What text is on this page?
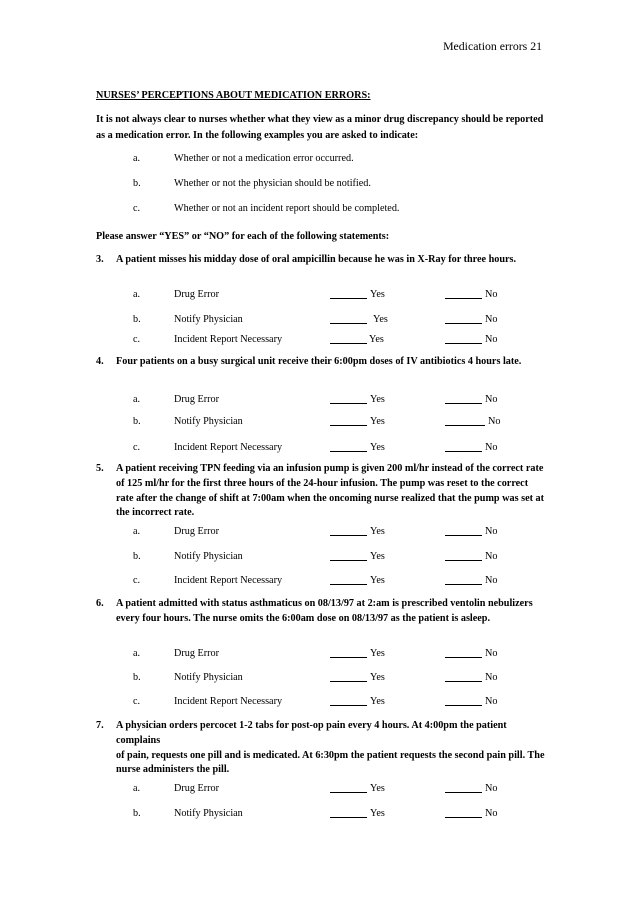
Medication errors 21
NURSES’ PERCEPTIONS ABOUT MEDICATION ERRORS:
It is not always clear to nurses whether what they view as a minor drug discrepancy should be reported as a medication error. In the following examples you are asked to indicate:
a.	Whether or not a medication error occurred.
b.	Whether or not the physician should be notified.
c.	Whether or not an incident report should be completed.
Please answer “YES” or “NO” for each of the following statements:
3.	A patient misses his midday dose of oral ampicillin because he was in X-Ray for three hours.
a.	Drug Error	Yes	No
b.	Notify Physician	Yes	No
c.	Incident Report Necessary	Yes	No
4.	Four patients on a busy surgical unit receive their 6:00pm doses of IV antibiotics 4 hours late.
a.	Drug Error	Yes	No
b.	Notify Physician	Yes	No
c.	Incident Report Necessary	Yes	No
5.	A patient receiving TPN feeding via an infusion pump is given 200 ml/hr instead of the correct rate of 125 ml/hr for the first three hours of the 24-hour infusion. The pump was reset to the correct rate after the change of shift at 7:00am when the oncoming nurse realized that the pump was set at the incorrect rate.
a.	Drug Error	Yes	No
b.	Notify Physician	Yes	No
c.	Incident Report Necessary	Yes	No
6.	A patient admitted with status asthmaticus on 08/13/97 at 2:am is prescribed ventolin nebulizers every four hours. The nurse omits the 6:00am dose on 08/13/97 as the patient is asleep.
a.	Drug Error	Yes	No
b.	Notify Physician	Yes	No
c.	Incident Report Necessary	Yes	No
7.	A physician orders percocet 1-2 tabs for post-op pain every 4 hours. At 4:00pm the patient complains
of pain, requests one pill and is medicated. At 6:30pm the patient requests the second pain pill. The nurse administers the pill.
a.	Drug Error	Yes	No
b.	Notify Physician	Yes	No
